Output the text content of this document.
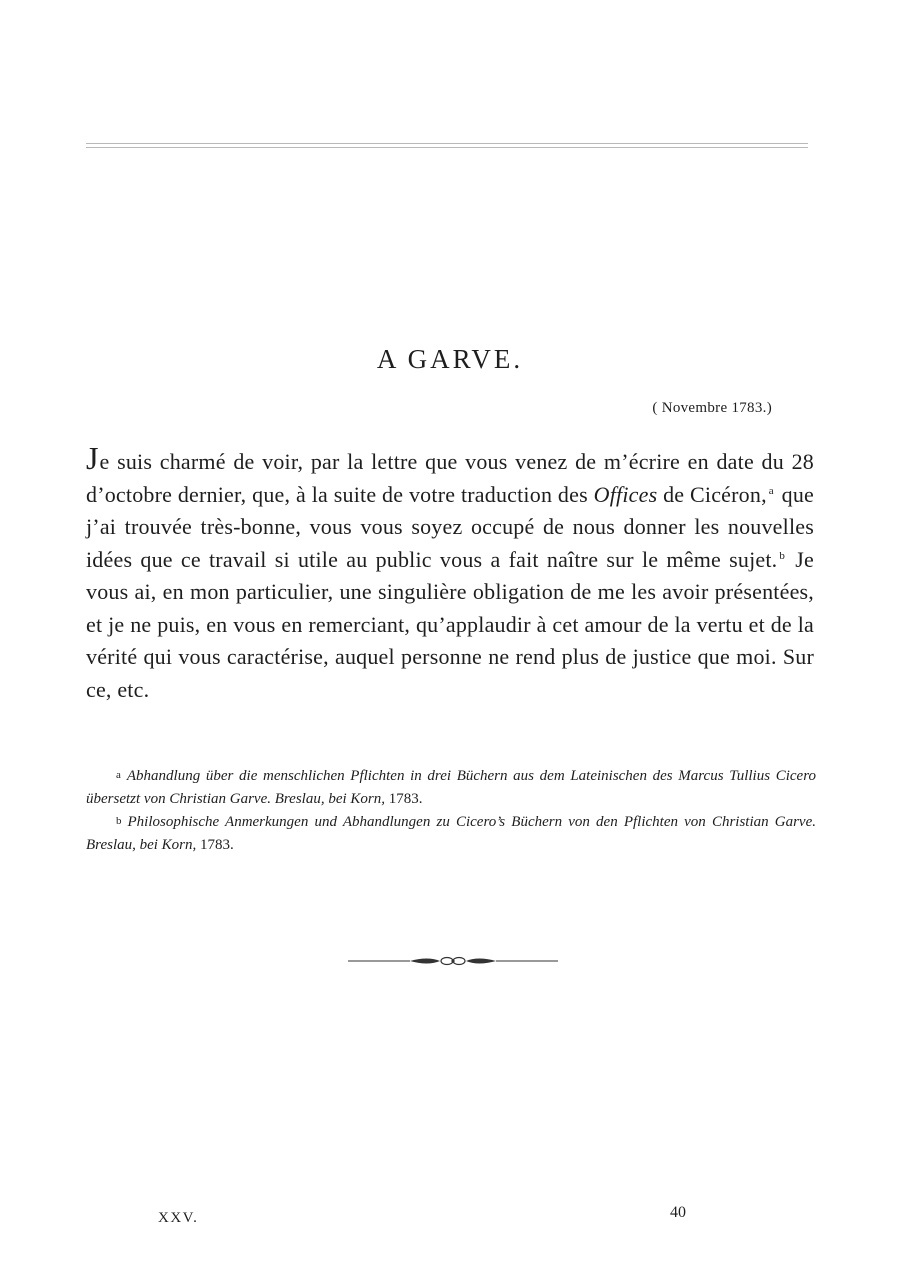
A GARVE.
( Novembre 1783.)
Je suis charmé de voir, par la lettre que vous venez de m’écrire en date du 28 d’octobre dernier, que, à la suite de votre traduction des Offices de Cicéron, $^a$ que j’ai trouvée très-bonne, vous vous soyez occupé de nous donner les nouvelles idées que ce travail si utile au public vous a fait naître sur le même sujet. $^b$ Je vous ai, en mon particulier, une singulière obligation de me les avoir présentées, et je ne puis, en vous en remerciant, qu’applaudir à cet amour de la vertu et de la vérité qui vous caractérise, auquel personne ne rend plus de justice que moi. Sur ce, etc.

a Abhandlung über die menschlichen Pflichten in drei Büchern aus dem Lateinischen des Marcus Tullius Cicero übersetzt von Christian Garve. Breslau, bei Korn, 1783.

b Philosophische Anmerkungen und Abhandlungen zu Cicero’s Büchern von den Pflichten von Christian Garve. Breslau, bei Korn, 1783.

XXV.	40
